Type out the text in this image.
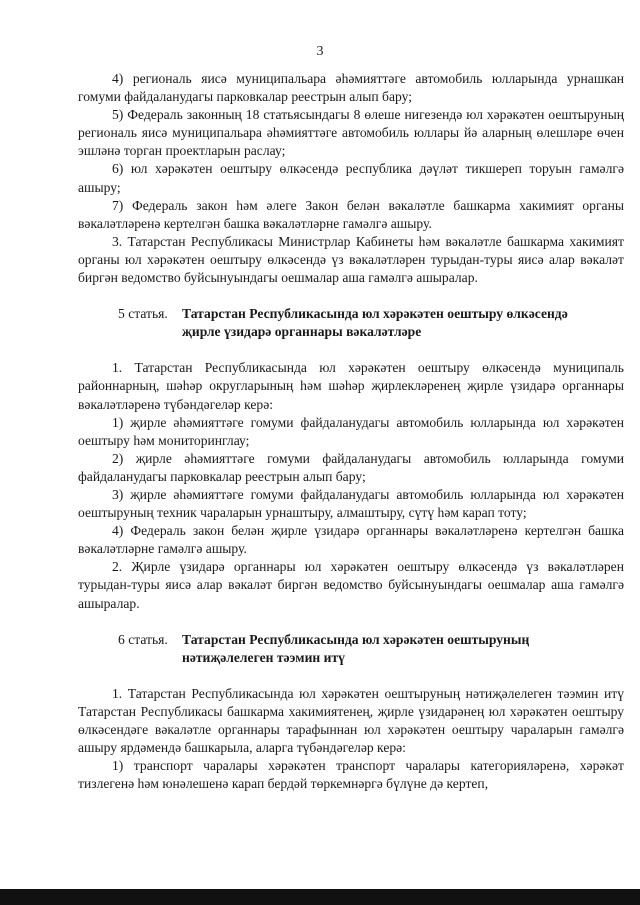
3

4) региональ яисә муниципальара әһәмияттәге автомобиль юлларында урнашкан гомуми файдаланудагы парковкалар реестрын алып бару;

5) Федераль законның 18 статьясындагы 8 өлеше нигезендә юл хәрәкәтен оештыруның региональ яисә муниципальара әһәмияттәге автомобиль юллары йә аларның өлешләре өчен эшләнә торган проектларын раслау;

6) юл хәрәкәтен оештыру өлкәсендә республика дәүләт тикшереп торуын гамәлгә ашыру;

7) Федераль закон һәм әлеге Закон белән вәкаләтле башкарма хакимият органы вәкаләтләренә кертелгән башка вәкаләтләрне гамәлгә ашыру.

3. Татарстан Республикасы Министрлар Кабинеты һәм вәкаләтле башкарма хакимият органы юл хәрәкәтен оештыру өлкәсендә үз вәкаләтләрен турыдан-туры яисә алар вәкаләт биргән ведомство буйсынуындагы оешмалар аша гамәлгә ашыралар.

5 статья. Татарстан Республикасында юл хәрәкәтен оештыру өлкәсендә
җирле үзидарә органнары вәкаләтләре

1. Татарстан Республикасында юл хәрәкәтен оештыру өлкәсендә муниципаль районнарның, шәһәр округларының һәм шәһәр җирлекләренең җирле үзидарә органнары вәкаләтләренә түбәндәгеләр керә:

1) җирле әһәмияттәге гомуми файдаланудагы автомобиль юлларында юл хәрәкәтен оештыру һәм мониторинглау;

2) җирле әһәмияттәге гомуми файдаланудагы автомобиль юлларында гомуми файдаланудагы парковкалар реестрын алып бару;

3) җирле әһәмияттәге гомуми файдаланудагы автомобиль юлларында юл хәрәкәтен оештыруның техник чараларын урнаштыру, алмаштыру, сүтү һәм карап тоту;

4) Федераль закон белән җирле үзидарә органнары вәкаләтләренә кертелгән башка вәкаләтләрне гамәлгә ашыру.

2. Җирле үзидарә органнары юл хәрәкәтен оештыру өлкәсендә үз вәкаләтләрен турыдан-туры яисә алар вәкаләт биргән ведомство буйсынуындагы оешмалар аша гамәлгә ашыралар.

6 статья. Татарстан Республикасында юл хәрәкәтен оештыруның
нәтиҗәлелеген тәэмин итү

1. Татарстан Республикасында юл хәрәкәтен оештыруның нәтиҗәлелеген тәэмин итү Татарстан Республикасы башкарма хакимиятенең, җирле үзидарәнең юл хәрәкәтен оештыру өлкәсендәге вәкаләтле органнары тарафыннан юл хәрәкәтен оештыру чараларын гамәлгә ашыру ярдәмендә башкарыла, аларга түбәндәгеләр керә:

1) транспорт чаралары хәрәкәтен транспорт чаралары категорияләренә, хәрәкәт тизлегенә һәм юнәлешенә карап бердәй төркемнәргә бүлүне дә кертеп,
